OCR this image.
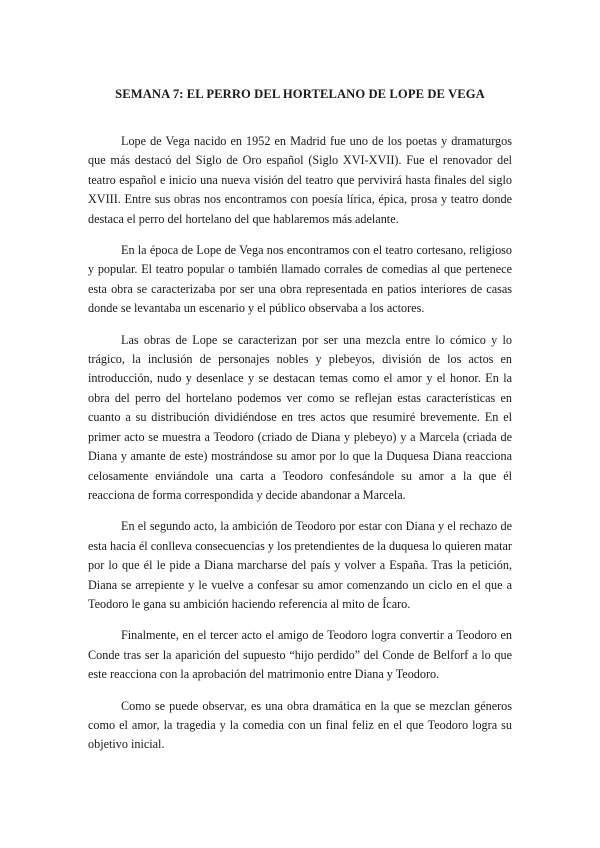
SEMANA 7: EL PERRO DEL HORTELANO DE LOPE DE VEGA

Lope de Vega nacido en 1952 en Madrid fue uno de los poetas y dramaturgos que más destacó del Siglo de Oro español (Siglo XVI-XVII). Fue el renovador del teatro español e inicio una nueva visión del teatro que pervivirá hasta finales del siglo XVIII. Entre sus obras nos encontramos con poesía lírica, épica, prosa y teatro donde destaca el perro del hortelano del que hablaremos más adelante.

En la época de Lope de Vega nos encontramos con el teatro cortesano, religioso y popular. El teatro popular o también llamado corrales de comedias al que pertenece esta obra se caracterizaba por ser una obra representada en patios interiores de casas donde se levantaba un escenario y el público observaba a los actores.

Las obras de Lope se caracterizan por ser una mezcla entre lo cómico y lo trágico, la inclusión de personajes nobles y plebeyos, división de los actos en introducción, nudo y desenlace y se destacan temas como el amor y el honor. En la obra del perro del hortelano podemos ver como se reflejan estas características en cuanto a su distribución dividiéndose en tres actos que resumiré brevemente. En el primer acto se muestra a Teodoro (criado de Diana y plebeyo) y a Marcela (criada de Diana y amante de este) mostrándose su amor por lo que la Duquesa Diana reacciona celosamente enviándole una carta a Teodoro confesándole su amor a la que él reacciona de forma correspondida y decide abandonar a Marcela.

En el segundo acto, la ambición de Teodoro por estar con Diana y el rechazo de esta hacia él conlleva consecuencias y los pretendientes de la duquesa lo quieren matar por lo que él le pide a Diana marcharse del país y volver a España. Tras la petición, Diana se arrepiente y le vuelve a confesar su amor comenzando un ciclo en el que a Teodoro le gana su ambición haciendo referencia al mito de Ícaro.

Finalmente, en el tercer acto el amigo de Teodoro logra convertir a Teodoro en Conde tras ser la aparición del supuesto “hijo perdido” del Conde de Belforf a lo que este reacciona con la aprobación del matrimonio entre Diana y Teodoro.

Como se puede observar, es una obra dramática en la que se mezclan géneros como el amor, la tragedia y la comedia con un final feliz en el que Teodoro logra su objetivo inicial.
